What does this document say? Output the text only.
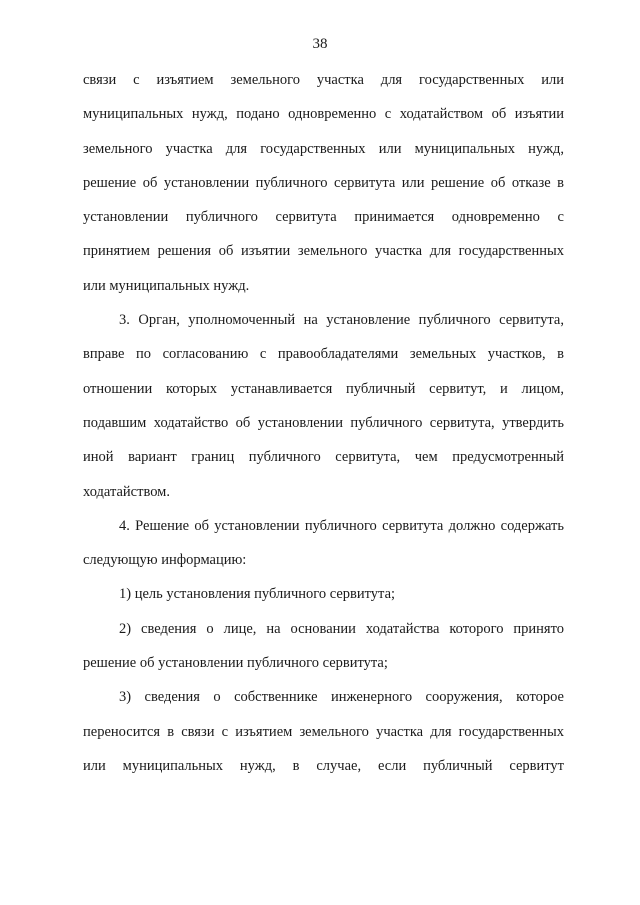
38
связи с изъятием земельного участка для государственных или
муниципальных нужд, подано одновременно с ходатайством об изъятии
земельного участка для государственных или муниципальных нужд,
решение об установлении публичного сервитута или решение об отказе в
установлении публичного сервитута принимается одновременно с
принятием решения об изъятии земельного участка для государственных
или муниципальных нужд.
3. Орган, уполномоченный на установление публичного сервитута,
вправе по согласованию с правообладателями земельных участков, в
отношении которых устанавливается публичный сервитут, и лицом,
подавшим ходатайство об установлении публичного сервитута, утвердить
иной вариант границ публичного сервитута, чем предусмотренный
ходатайством.
4. Решение об установлении публичного сервитута должно содержать
следующую информацию:
1) цель установления публичного сервитута;
2) сведения о лице, на основании ходатайства которого принято
решение об установлении публичного сервитута;
3) сведения о собственнике инженерного сооружения, которое
переносится в связи с изъятием земельного участка для государственных
или муниципальных нужд, в случае, если публичный сервитут
